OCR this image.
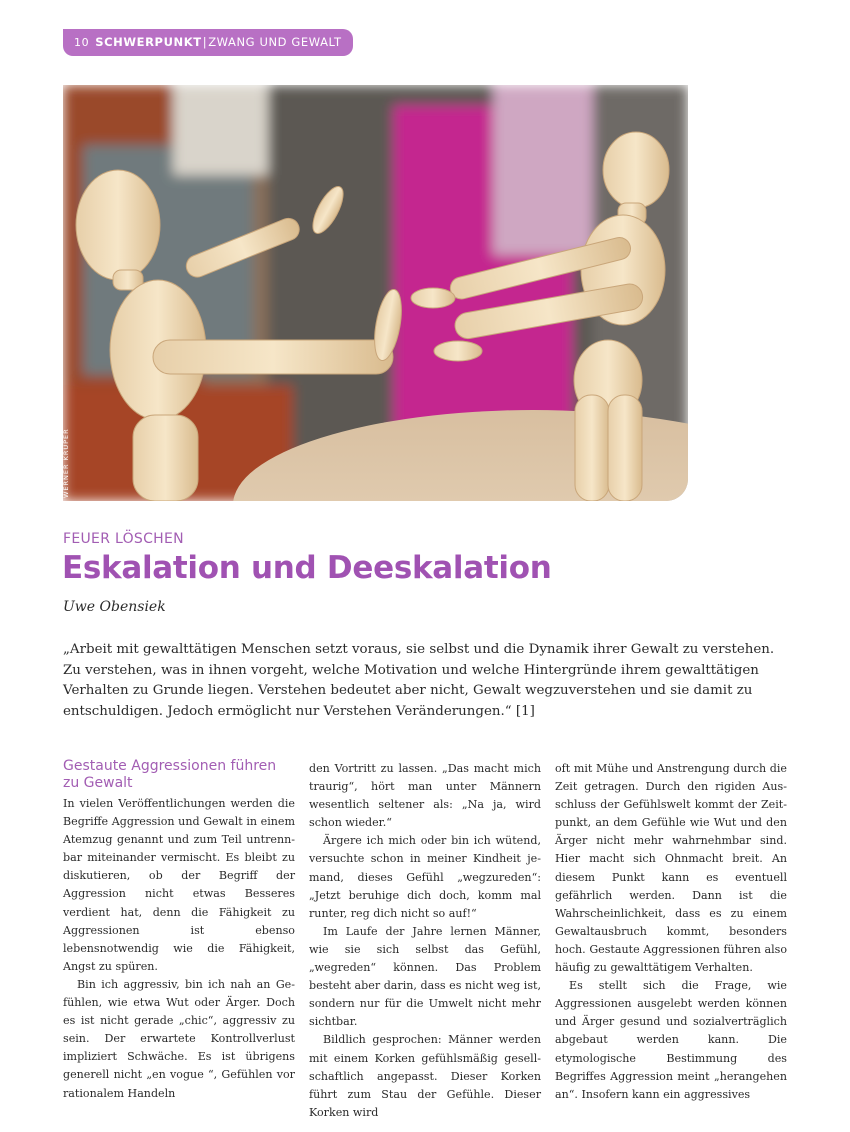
10 SCHWERPUNKT|ZWANG UND GEWALT
WERNER KRÜPER
FEUER LÖSCHEN
Eskalation und Deeskalation
Uwe Obensiek

„Arbeit mit gewalttätigen Menschen setzt voraus, sie selbst und die Dynamik ihrer Gewalt zu verstehen. Zu verstehen, was in ihnen vorgeht, welche Motivation und welche Hintergründe ihrem gewalttätigen Verhalten zu Grunde liegen. Verstehen bedeutet aber nicht, Gewalt wegzuverstehen und sie damit zu entschuldigen. Jedoch ermöglicht nur Verstehen Veränderungen.“ [1]

Gestaute Aggressionen führen zu Gewalt

In vielen Veröffentlichungen werden die Begriffe Aggression und Gewalt in einem Atemzug genannt und zum Teil untrennbar miteinander vermischt. Es bleibt zu diskutieren, ob der Begriff der Aggression nicht etwas Besseres verdient hat, denn die Fähigkeit zu Aggressionen ist ebenso lebensnotwendig wie die Fähigkeit, Angst zu spüren.

Bin ich aggressiv, bin ich nah an Gefühlen, wie etwa Wut oder Ärger. Doch es ist nicht gerade „chic“, aggressiv zu sein. Der erwartete Kontrollverlust impliziert Schwäche. Es ist übrigens generell nicht „en vogue “, Gefühlen vor rationalem Handeln

den Vortritt zu lassen. „Das macht mich traurig“, hört man unter Männern wesentlich seltener als: „Na ja, wird schon wieder.“

Ärgere ich mich oder bin ich wütend, versuchte schon in meiner Kindheit jemand, dieses Gefühl „wegzureden“: „Jetzt beruhige dich doch, komm mal runter, reg dich nicht so auf!“

Im Laufe der Jahre lernen Männer, wie sie sich selbst das Gefühl, „wegreden“ können. Das Problem besteht aber darin, dass es nicht weg ist, sondern nur für die Umwelt nicht mehr sichtbar.

Bildlich gesprochen: Männer werden mit einem Korken gefühlsmäßig gesellschaftlich angepasst. Dieser Korken führt zum Stau der Gefühle. Dieser Korken wird

oft mit Mühe und Anstrengung durch die Zeit getragen. Durch den rigiden Ausschluss der Gefühlswelt kommt der Zeitpunkt, an dem Gefühle wie Wut und den Ärger nicht mehr wahrnehmbar sind. Hier macht sich Ohnmacht breit. An diesem Punkt kann es eventuell gefährlich werden. Dann ist die Wahrscheinlichkeit, dass es zu einem Gewaltausbruch kommt, besonders hoch. Gestaute Aggressionen führen also häufig zu gewalttätigem Verhalten.

Es stellt sich die Frage, wie Aggressionen ausgelebt werden können und Ärger gesund und sozialverträglich abgebaut werden kann. Die etymologische Bestimmung des Begriffes Aggression meint „herangehen an“. Insofern kann ein aggressives
